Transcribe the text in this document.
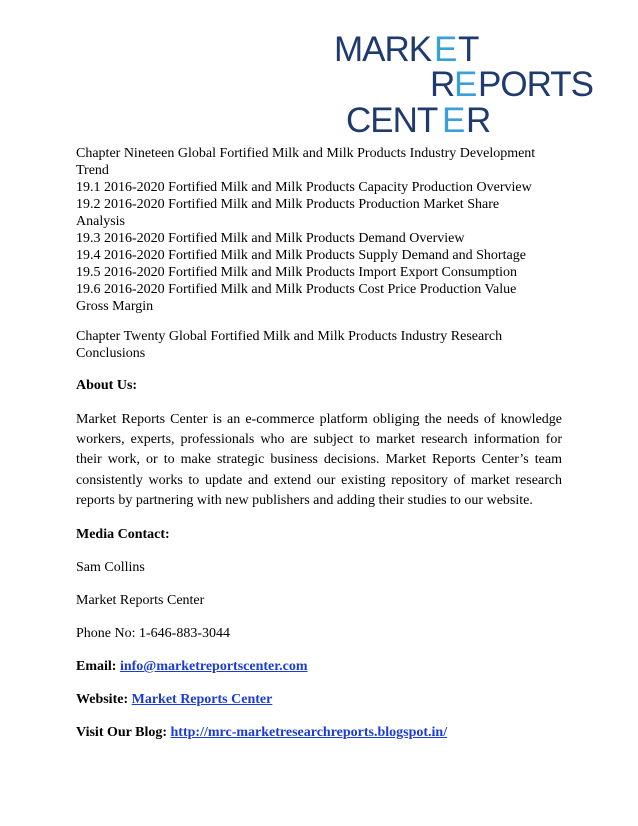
MARK E T
R
E PORTS
CENT E R
Chapter Nineteen Global Fortified Milk and Milk Products Industry Development
Trend
19.1 2016-2020 Fortified Milk and Milk Products Capacity Production Overview
19.2 2016-2020 Fortified Milk and Milk Products Production Market Share
Analysis
19.3 2016-2020 Fortified Milk and Milk Products Demand Overview
19.4 2016-2020 Fortified Milk and Milk Products Supply Demand and Shortage
19.5 2016-2020 Fortified Milk and Milk Products Import Export Consumption
19.6 2016-2020 Fortified Milk and Milk Products Cost Price Production Value
Gross Margin
Chapter Twenty Global Fortified Milk and Milk Products Industry Research
Conclusions
About Us:
Market Reports Center is an e-commerce platform obliging the needs of knowledge workers, experts, professionals who are subject to market research information for their work, or to make strategic business decisions. Market Reports Center’s team consistently works to update and extend our existing repository of market research reports by partnering with new publishers and adding their studies to our website.
Media Contact:
Sam Collins
Market Reports Center
Phone No: 1-646-883-3044
Email: info@marketreportscenter.com
Website: Market Reports Center
Visit Our Blog: http://mrc-marketresearchreports.blogspot.in/
